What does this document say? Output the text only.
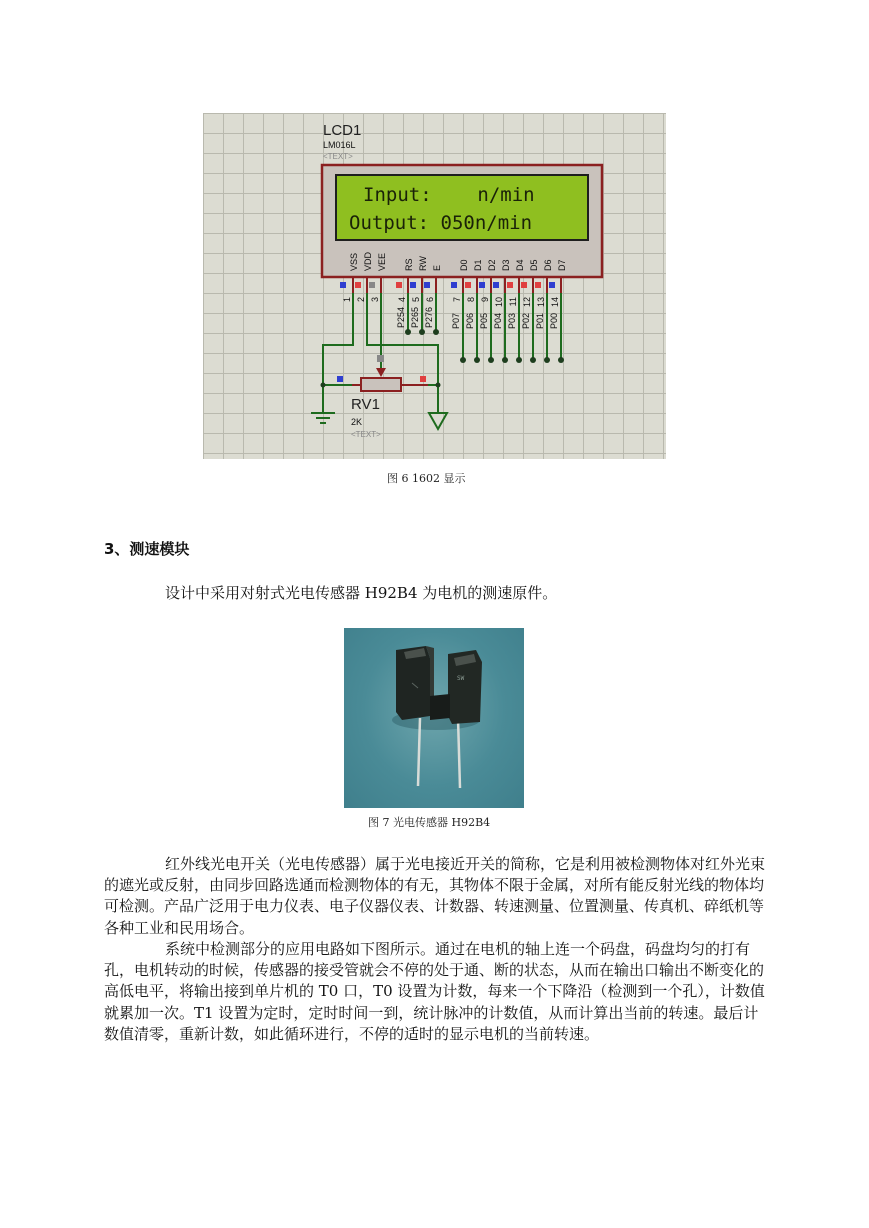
LCD1
LM016L
<TEXT>
Input:    n/min
Output: 050n/min
VSS VDD VEE RS RW E D0 D1 D2 D3 D4 D5 D6 D7
1 2 3 4 5 6 7 8 9 10 11 12 13 14
P254 P265 P276 P07 P06 P05 P04 P03 P02 P01 P00
RV1
2K
<TEXT>
图 6 1602 显示
3、测速模块
设计中采用对射式光电传感器 H92B4 为电机的测速原件。
SW
图 7 光电传感器 H92B4
红外线光电开关（光电传感器）属于光电接近开关的简称，它是利用被检测物体对红外光束的遮光或反射，由同步回路选通而检测物体的有无，其物体不限于金属，对所有能反射光线的物体均可检测。产品广泛用于电力仪表、电子仪器仪表、计数器、转速测量、位置测量、传真机、碎纸机等各种工业和民用场合。
系统中检测部分的应用电路如下图所示。通过在电机的轴上连一个码盘，码盘均匀的打有孔，电机转动的时候，传感器的接受管就会不停的处于通、断的状态，从而在输出口输出不断变化的高低电平，将输出接到单片机的 T0 口，T0 设置为计数，每来一个下降沿（检测到一个孔），计数值就累加一次。T1 设置为定时，定时时间一到，统计脉冲的计数值，从而计算出当前的转速。最后计数值清零，重新计数，如此循环进行，不停的适时的显示电机的当前转速。
